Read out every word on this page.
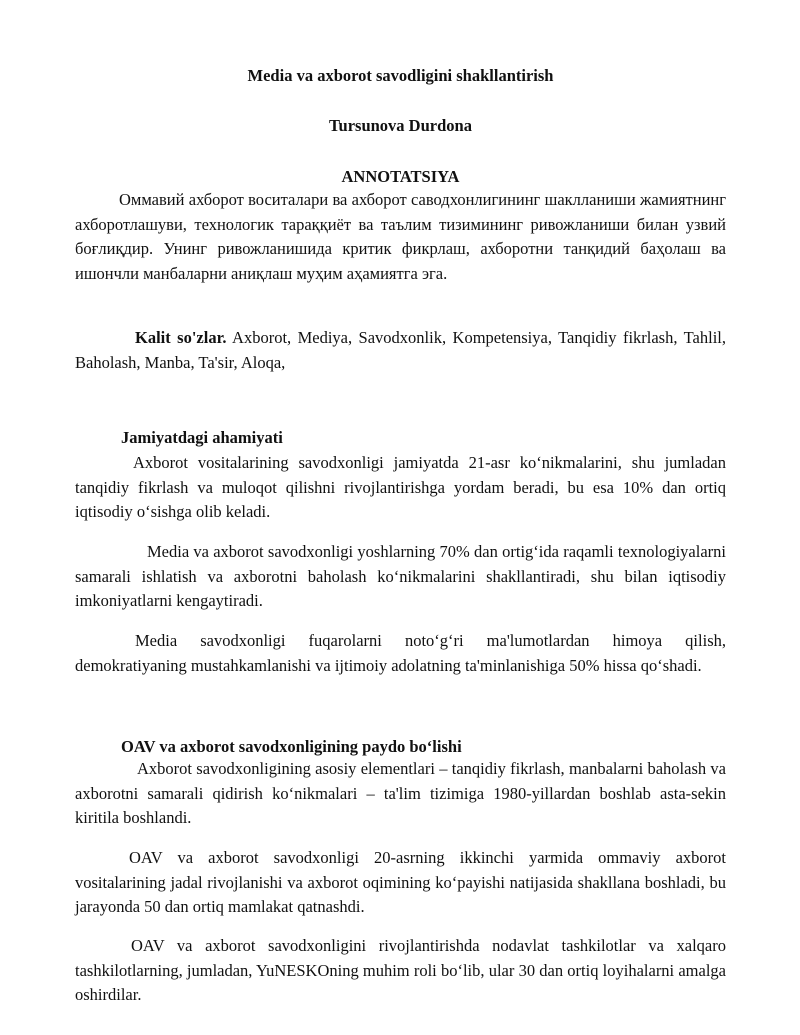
Media va axborot savodligini shakllantirish
Tursunova Durdona
ANNOTATSIYA

Оммавий ахборот воситалари ва ахборот саводхонлигининг шаклланиши жамиятнинг ахборотлашуви, технологик тараққиёт ва таълим тизимининг ривожланиши билан узвий боғлиқдир. Унинг ривожланишида критик фикрлаш, ахборотни танқидий баҳолаш ва ишончли манбаларни аниқлаш муҳим аҳамиятга эга.

Kalit so'zlar. Axborot, Mediya, Savodxonlik, Kompetensiya, Tanqidiy fikrlash, Tahlil, Baholash, Manba, Ta'sir, Aloqa,

Jamiyatdagi ahamiyati

Axborot vositalarining savodxonligi jamiyatda 21-asr ko‘nikmalarini, shu jumladan tanqidiy fikrlash va muloqot qilishni rivojlantirishga yordam beradi, bu esa 10% dan ortiq iqtisodiy o‘sishga olib keladi.

Media va axborot savodxonligi yoshlarning 70% dan ortig‘ida raqamli texnologiyalarni samarali ishlatish va axborotni baholash ko‘nikmalarini shakllantiradi, shu bilan iqtisodiy imkoniyatlarni kengaytiradi.

Media savodxonligi fuqarolarni noto‘g‘ri ma'lumotlardan himoya qilish, demokratiyaning mustahkamlanishi va ijtimoiy adolatning ta'minlanishiga 50% hissa qo‘shadi.

OAV va axborot savodxonligining paydo bo‘lishi

Axborot savodxonligining asosiy elementlari – tanqidiy fikrlash, manbalarni baholash va axborotni samarali qidirish ko‘nikmalari – ta'lim tizimiga 1980-yillardan boshlab asta-sekin kiritila boshlandi.

OAV va axborot savodxonligi 20-asrning ikkinchi yarmida ommaviy axborot vositalarining jadal rivojlanishi va axborot oqimining ko‘payishi natijasida shakllana boshladi, bu jarayonda 50 dan ortiq mamlakat qatnashdi.

OAV va axborot savodxonligini rivojlantirishda nodavlat tashkilotlar va xalqaro tashkilotlarning, jumladan, YuNESKOning muhim roli bo‘lib, ular 30 dan ortiq loyihalarni amalga oshirdilar.
